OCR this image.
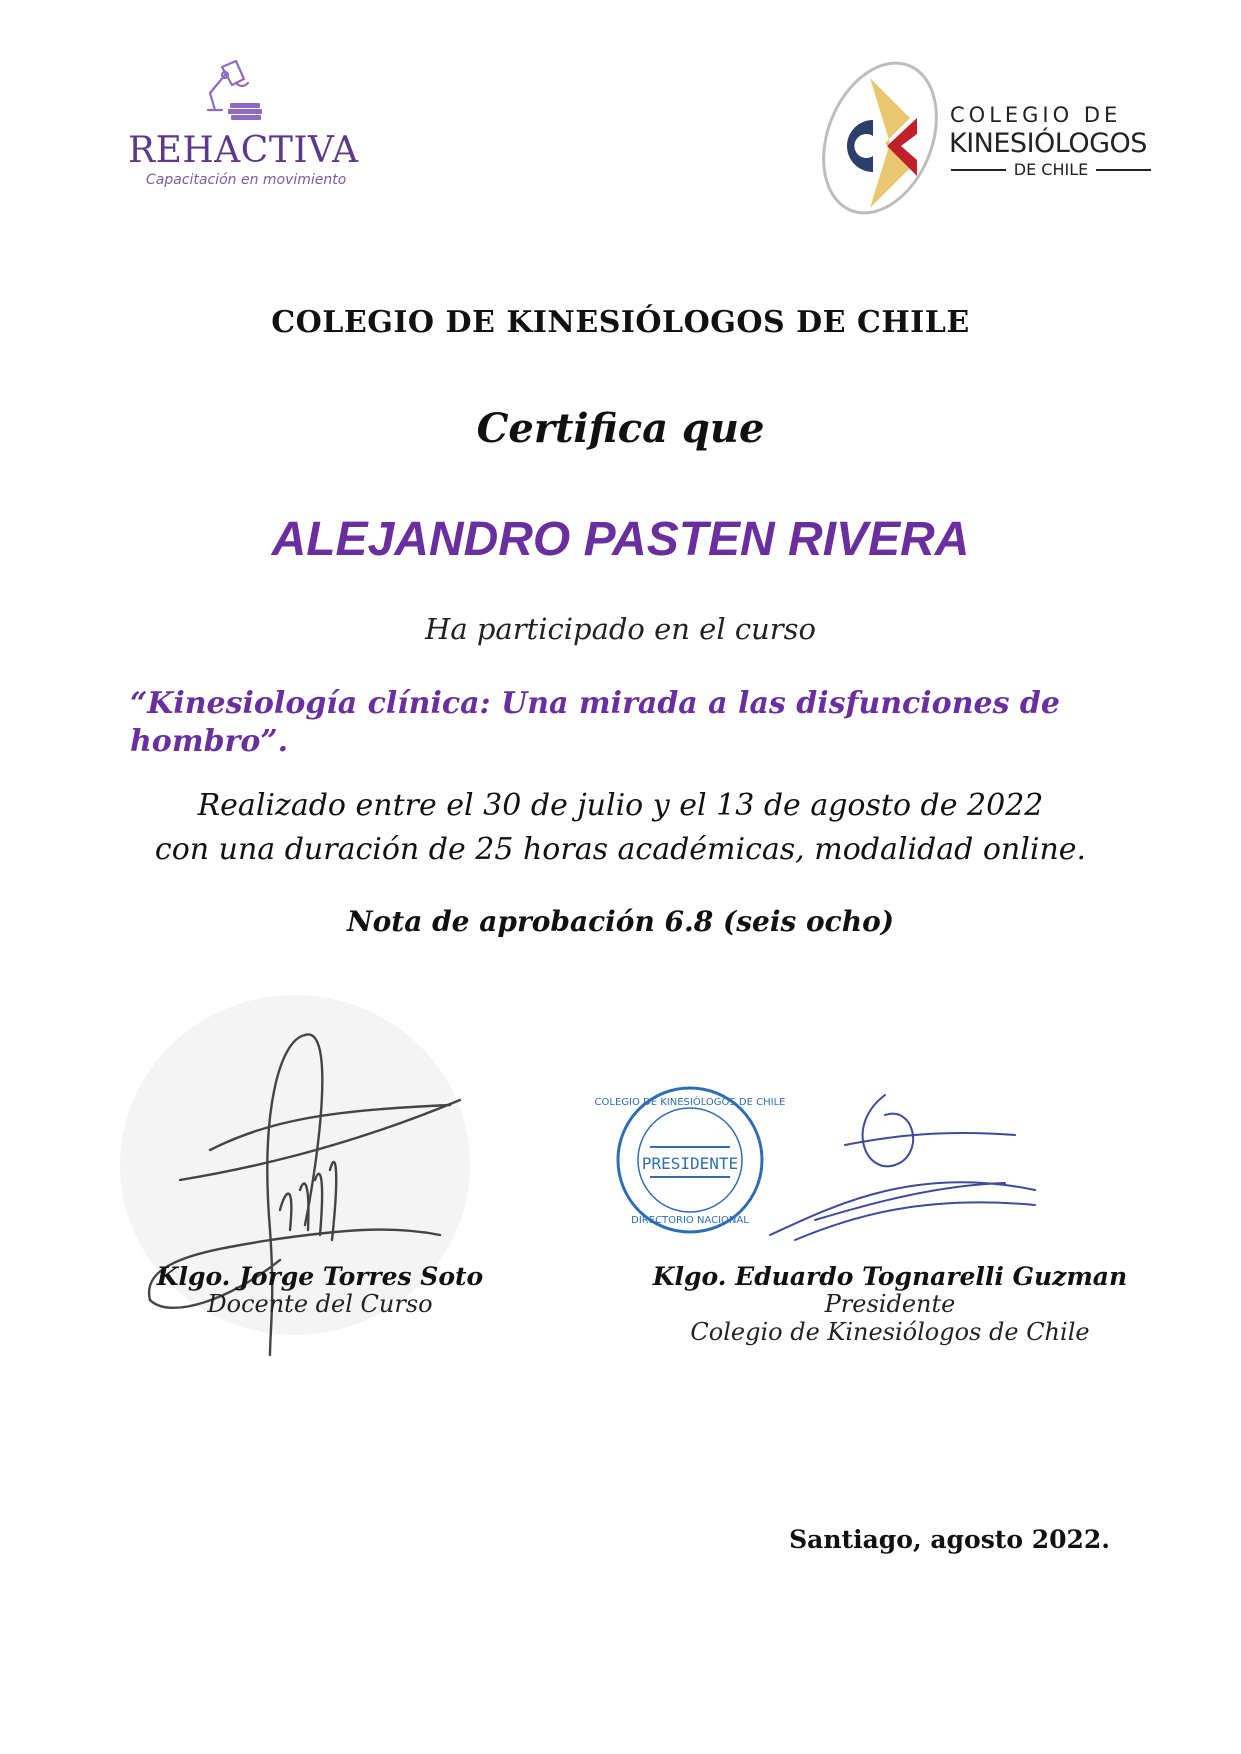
REHACTIVA
Capacitación en movimiento
COLEGIO DE
KINESIÓLOGOS
DE CHILE
COLEGIO DE KINESIÓLOGOS DE CHILE
Certifica que
ALEJANDRO PASTEN RIVERA
Ha participado en el curso
“Kinesiología clínica: Una mirada a las disfunciones de hombro”.
Realizado entre el 30 de julio y el 13 de agosto de 2022
con una duración de 25 horas académicas, modalidad online.
Nota de aprobación 6.8 (seis ocho)
PRESIDENTE
COLEGIO DE KINESIÓLOGOS DE CHILE
DIRECTORIO NACIONAL
Klgo. Jorge Torres Soto
Docente del Curso
Klgo. Eduardo Tognarelli Guzman
Presidente
Colegio de Kinesiólogos de Chile
Santiago, agosto 2022.
